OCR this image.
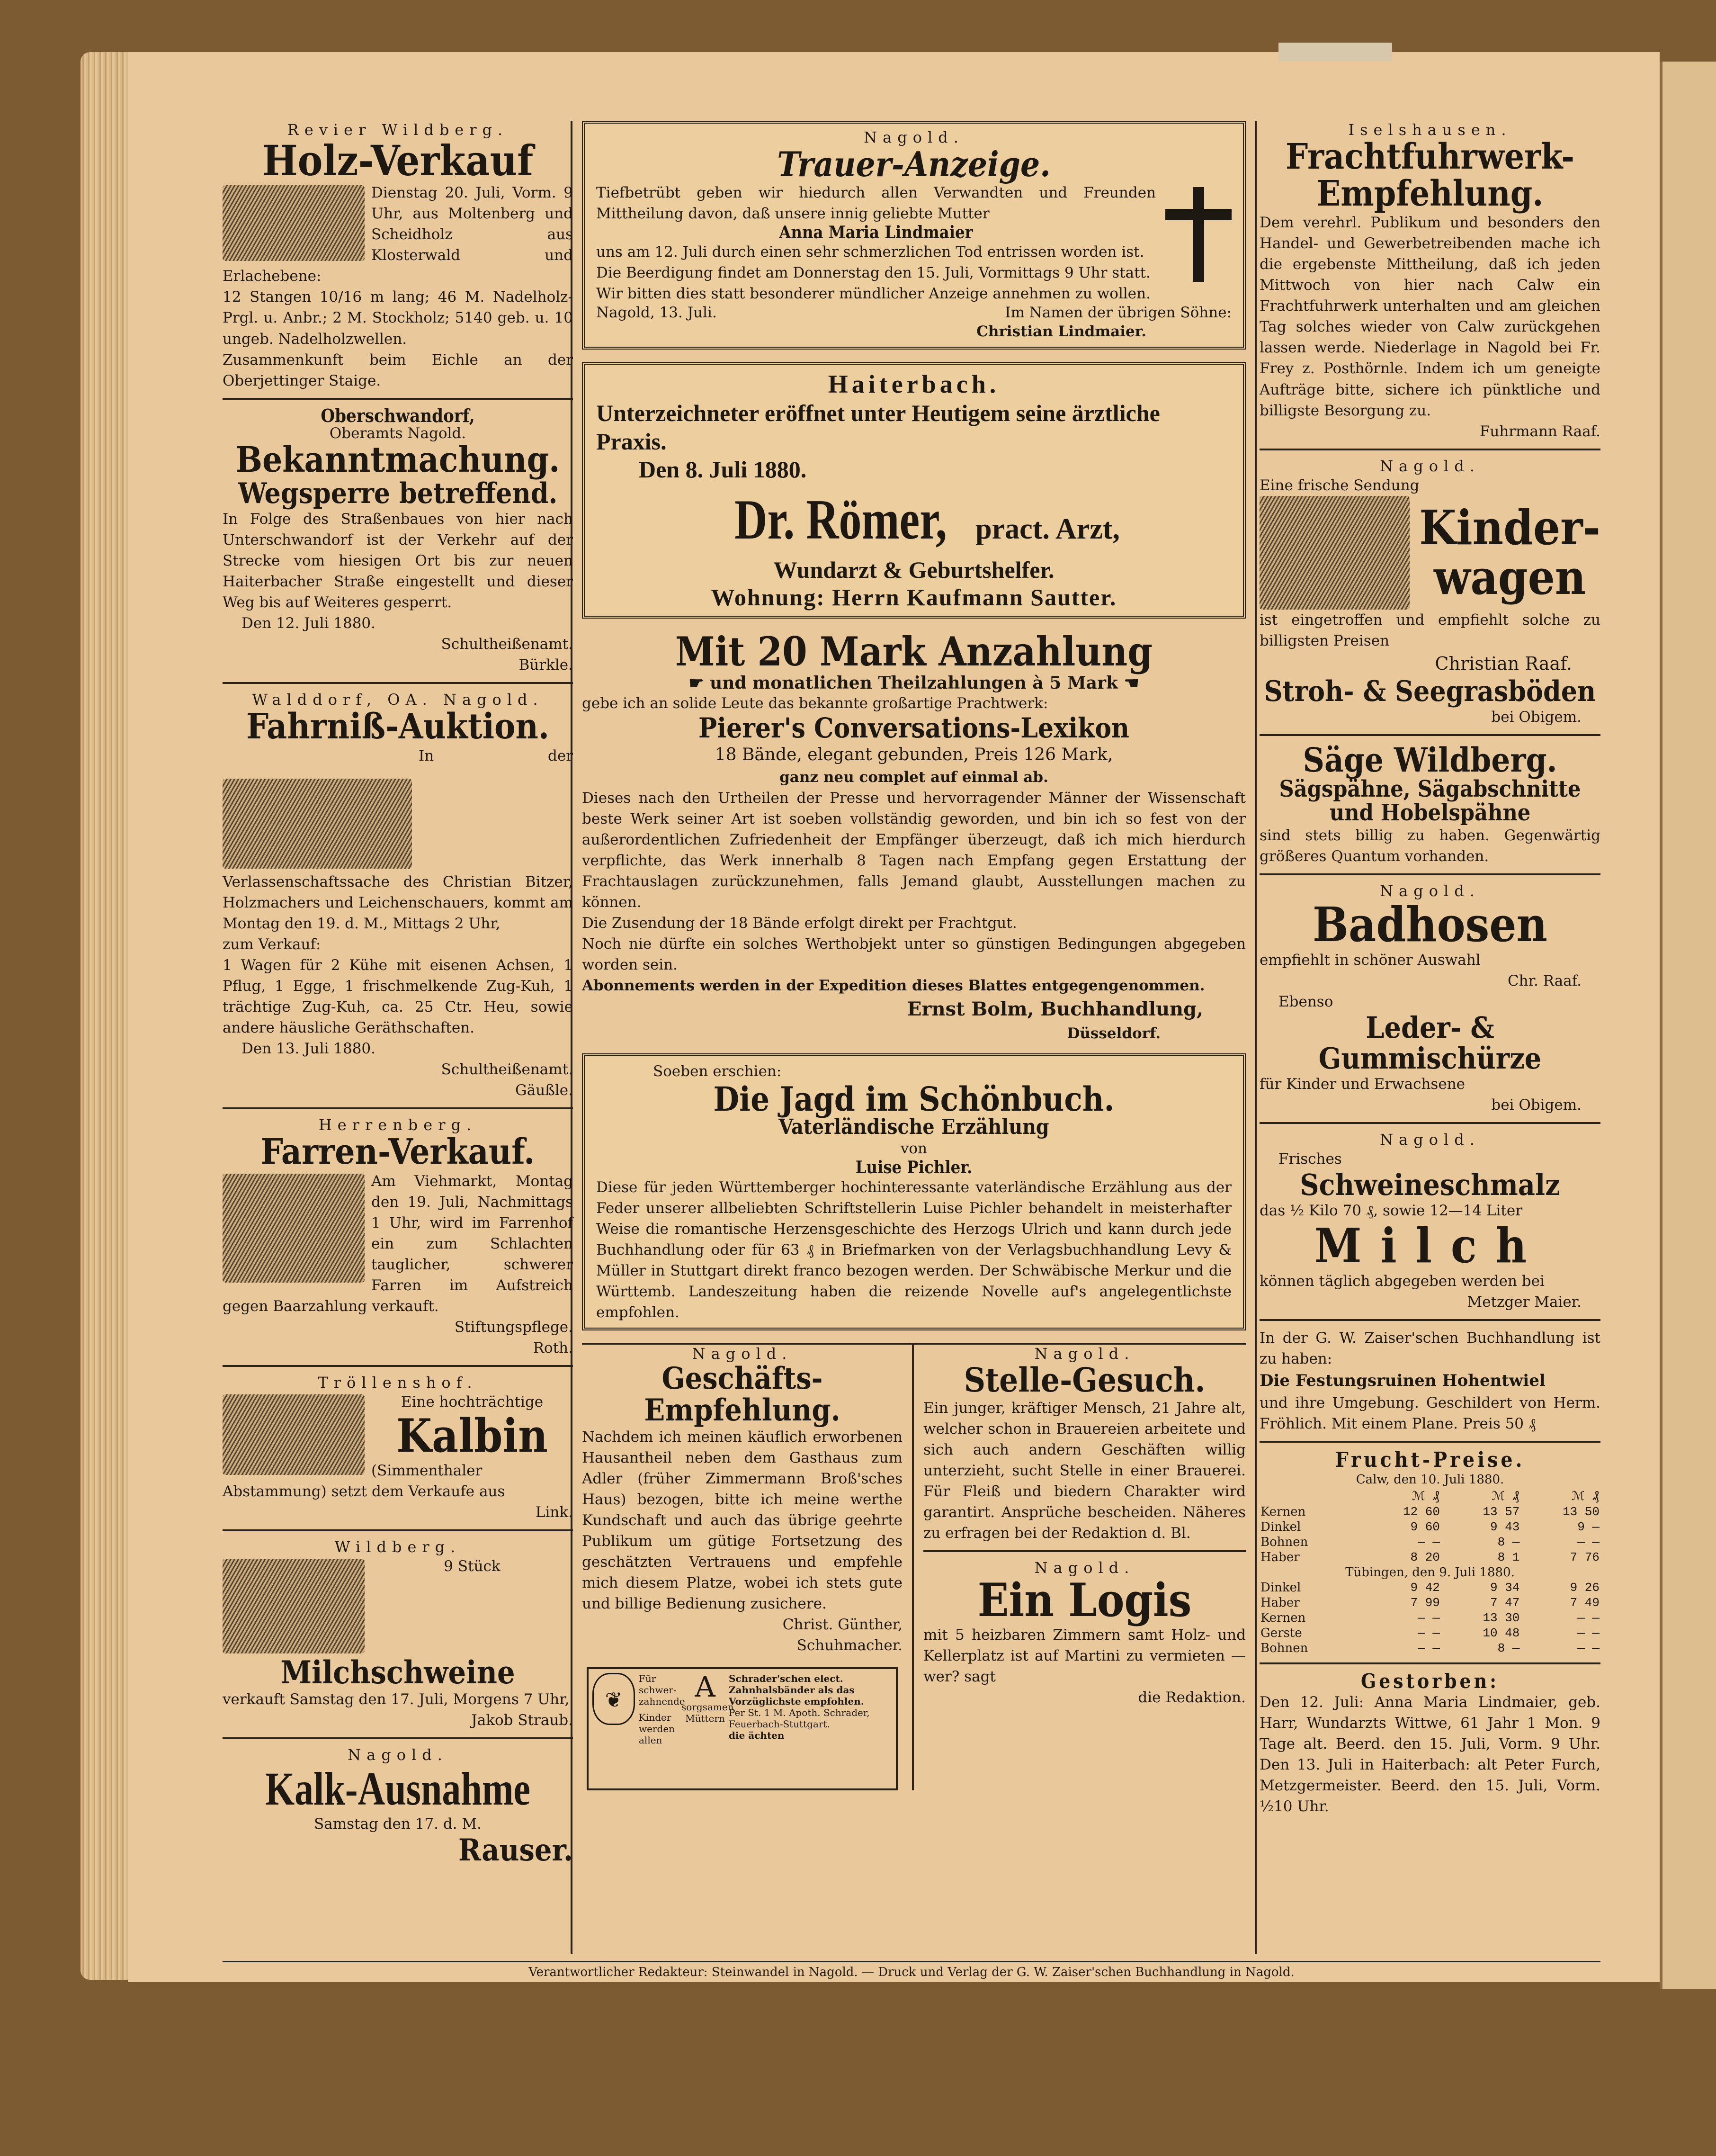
Revier Wildberg.
Holz-Verkauf

Dienstag 20. Juli, Vorm. 9 Uhr, aus Moltenberg und Scheidholz aus Klosterwald und Erlachebene:

12 Stangen 10/16 m lang; 46 M. Nadelholz-Prgl. u. Anbr.; 2 M. Stockholz; 5140 geb. u. 10 ungeb. Nadelholzwellen.

Zusammenkunft beim Eichle an der Oberjettinger Staige.

Oberschwandorf,
Oberamts Nagold.
Bekanntmachung.
Wegsperre betreffend.

In Folge des Straßenbaues von hier nach Unterschwandorf ist der Verkehr auf der Strecke vom hiesigen Ort bis zur neuen Haiterbacher Straße eingestellt und dieser Weg bis auf Weiteres gesperrt.

Den 12. Juli 1880.

Schultheißenamt.

Bürkle.

Walddorf, OA. Nagold.
Fahrniß-Auktion.

In der Verlassenschaftssache des Christian Bitzer, Holzmachers und Leichenschauers, kommt am Montag den 19. d. M., Mittags 2 Uhr,

zum Verkauf:

1 Wagen für 2 Kühe mit eisenen Achsen, 1 Pflug, 1 Egge, 1 frischmelkende Zug-Kuh, 1 trächtige Zug-Kuh, ca. 25 Ctr. Heu, sowie andere häusliche Geräthschaften.

Den 13. Juli 1880.

Schultheißenamt.

Gäußle.

Herrenberg.
Farren-Verkauf.

Am Viehmarkt, Montag den 19. Juli, Nachmittags 1 Uhr, wird im Farrenhof ein zum Schlachten tauglicher, schwerer Farren im Aufstreich gegen Baarzahlung verkauft.

Stiftungspflege.

Roth.

Tröllenshof.

Eine hochträchtige

Kalbin

(Simmenthaler Abstammung) setzt dem Verkaufe aus

Link.

Wildberg.

9 Stück

Milchschweine

verkauft Samstag den 17. Juli, Morgens 7 Uhr,

Jakob Straub.

Nagold.
Kalk-Ausnahme

Samstag den 17. d. M.

Rauser.
Nagold.
Trauer-Anzeige.

Tiefbetrübt geben wir hiedurch allen Verwandten und Freunden Mittheilung davon, daß unsere innig geliebte Mutter

Anna Maria Lindmaier

uns am 12. Juli durch einen sehr schmerzlichen Tod entrissen worden ist.

Die Beerdigung findet am Donnerstag den 15. Juli, Vormittags 9 Uhr statt.

Wir bitten dies statt besonderer mündlicher Anzeige annehmen zu wollen.

Nagold, 13. Juli.	Im Namen der übrigen Söhne:

Christian Lindmaier.

Haiterbach.

Unterzeichneter eröffnet unter Heutigem seine ärztliche Praxis.

Den 8. Juli 1880.

Dr. Römer, pract. Arzt,

Wundarzt & Geburtshelfer.

Wohnung: Herrn Kaufmann Sautter.

Mit 20 Mark Anzahlung
☛ und monatlichen Theilzahlungen à 5 Mark ☚

gebe ich an solide Leute das bekannte großartige Prachtwerk:

Pierer's Conversations-Lexikon

18 Bände, elegant gebunden, Preis 126 Mark,

ganz neu complet auf einmal ab.

Dieses nach den Urtheilen der Presse und hervorragender Männer der Wissenschaft beste Werk seiner Art ist soeben vollständig geworden, und bin ich so fest von der außerordentlichen Zufriedenheit der Empfänger überzeugt, daß ich mich hierdurch verpflichte, das Werk innerhalb 8 Tagen nach Empfang gegen Erstattung der Frachtauslagen zurückzunehmen, falls Jemand glaubt, Ausstellungen machen zu können.

Die Zusendung der 18 Bände erfolgt direkt per Frachtgut.

Noch nie dürfte ein solches Werthobjekt unter so günstigen Bedingungen abgegeben worden sein.

Abonnements werden in der Expedition dieses Blattes entgegengenommen.

Ernst Bolm, Buchhandlung,

Düsseldorf.

Soeben erschien:

Die Jagd im Schönbuch.
Vaterländische Erzählung

von

Luise Pichler.

Diese für jeden Württemberger hochinteressante vaterländische Erzählung aus der Feder unserer allbeliebten Schriftstellerin Luise Pichler behandelt in meisterhafter Weise die romantische Herzensgeschichte des Herzogs Ulrich und kann durch jede Buchhandlung oder für 63 ₰ in Briefmarken von der Verlagsbuchhandlung Levy & Müller in Stuttgart direkt franco bezogen werden. Der Schwäbische Merkur und die Württemb. Landeszeitung haben die reizende Novelle auf's angelegentlichste empfohlen.

Nagold.
Geschäfts-Empfehlung.

Nachdem ich meinen käuflich erworbenen Hausantheil neben dem Gasthaus zum Adler (früher Zimmermann Broß'sches Haus) bezogen, bitte ich meine werthe Kundschaft und auch das übrige geehrte Publikum um gütige Fortsetzung des geschätzten Vertrauens und empfehle mich diesem Platze, wobei ich stets gute und billige Bedienung zusichere.

Christ. Günther,

Schuhmacher.

❦

Für schwer-zahnende

Kinder werden allen

A

sorgsamen Müttern

Schrader'schen elect. Zahnhalsbänder als das Vorzüglichste empfohlen.

Per St. 1 M. Apoth. Schrader, Feuerbach-Stuttgart.

die ächten

Nagold.
Stelle-Gesuch.

Ein junger, kräftiger Mensch, 21 Jahre alt, welcher schon in Brauereien arbeitete und sich auch andern Geschäften willig unterzieht, sucht Stelle in einer Brauerei. Für Fleiß und biedern Charakter wird garantirt. Ansprüche bescheiden. Näheres zu erfragen bei der Redaktion d. Bl.

Nagold.
Ein Logis

mit 5 heizbaren Zimmern samt Holz- und Kellerplatz ist auf Martini zu vermieten — wer? sagt

die Redaktion.

Iselshausen.
Frachtfuhrwerk-
Empfehlung.

Dem verehrl. Publikum und besonders den Handel- und Gewerbetreibenden mache ich die ergebenste Mittheilung, daß ich jeden Mittwoch von hier nach Calw ein Frachtfuhrwerk unterhalten und am gleichen Tag solches wieder von Calw zurückgehen lassen werde. Niederlage in Nagold bei Fr. Frey z. Posthörnle. Indem ich um geneigte Aufträge bitte, sichere ich pünktliche und billigste Besorgung zu.

Fuhrmann Raaf.

Nagold.

Eine frische Sendung

Kinder-
wagen

ist eingetroffen und empfiehlt solche zu billigsten Preisen

Christian Raaf.

Stroh- & Seegrasböden

bei Obigem.

Säge Wildberg.
Sägspähne, Sägabschnitte und Hobelspähne

sind stets billig zu haben. Gegenwärtig größeres Quantum vorhanden.

Nagold.
Badhosen

empfiehlt in schöner Auswahl

Chr. Raaf.

Ebenso

Leder- & Gummischürze

für Kinder und Erwachsene

bei Obigem.

Nagold.

Frisches

Schweineschmalz

das ½ Kilo 70 ₰, sowie 12—14 Liter

Milch

können täglich abgegeben werden bei

Metzger Maier.

In der G. W. Zaiser'schen Buchhandlung ist zu haben:

Die Festungsruinen Hohentwiel

und ihre Umgebung. Geschildert von Herm. Fröhlich. Mit einem Plane. Preis 50 ₰

Frucht-Preise.

Calw, den 10. Juli 1880.

	ℳ ₰	ℳ ₰	ℳ ₰
Kernen	12 60	13 57	13 50
Dinkel	9 60	9 43	9 —
Bohnen	— —	8 —	— —
Haber	8 20	8 1	7 76
Tübingen, den 9. Juli 1880.			
Dinkel	9 42	9 34	9 26
Haber	7 99	7 47	7 49
Kernen	— —	13 30	— —
Gerste	— —	10 48	— —
Bohnen	— —	8 —	— —
Gestorben:

Den 12. Juli: Anna Maria Lindmaier, geb. Harr, Wundarzts Wittwe, 61 Jahr 1 Mon. 9 Tage alt. Beerd. den 15. Juli, Vorm. 9 Uhr. Den 13. Juli in Haiterbach: alt Peter Furch, Metzgermeister. Beerd. den 15. Juli, Vorm. ½10 Uhr.

Verantwortlicher Redakteur: Steinwandel in Nagold. — Druck und Verlag der G. W. Zaiser'schen Buchhandlung in Nagold.
